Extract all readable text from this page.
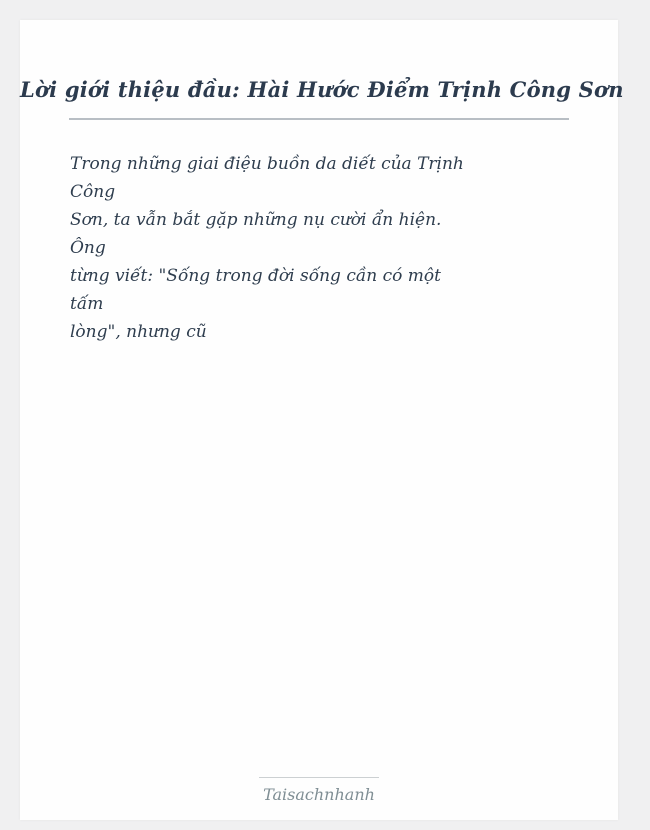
Lời giới thiệu đầu: Hài Hước Điểm Trịnh Công Sơn
Trong những giai điệu buồn da diết của Trịnh
Công
Sơn, ta vẫn bắt gặp những nụ cười ẩn hiện.
Ông
từng viết: "Sống trong đời sống cần có một
tấm
lòng", nhưng cũ
Taisachnhanh
